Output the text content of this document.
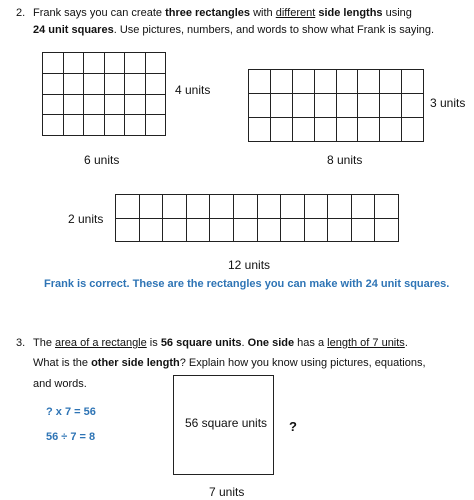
2. Frank says you can create three rectangles with different side lengths using
24 unit squares. Use pictures, numbers, and words to show what Frank is saying.
4 units
6 units
3 units
8 units
2 units
12 units
Frank is correct. These are the rectangles you can make with 24 unit squares.
3. The area of a rectangle is 56 square units. One side has a length of 7 units.
What is the other side length? Explain how you know using pictures, equations,
and words.
? x 7 = 56
56 ÷ 7 = 8
56 square units ?
7 units
